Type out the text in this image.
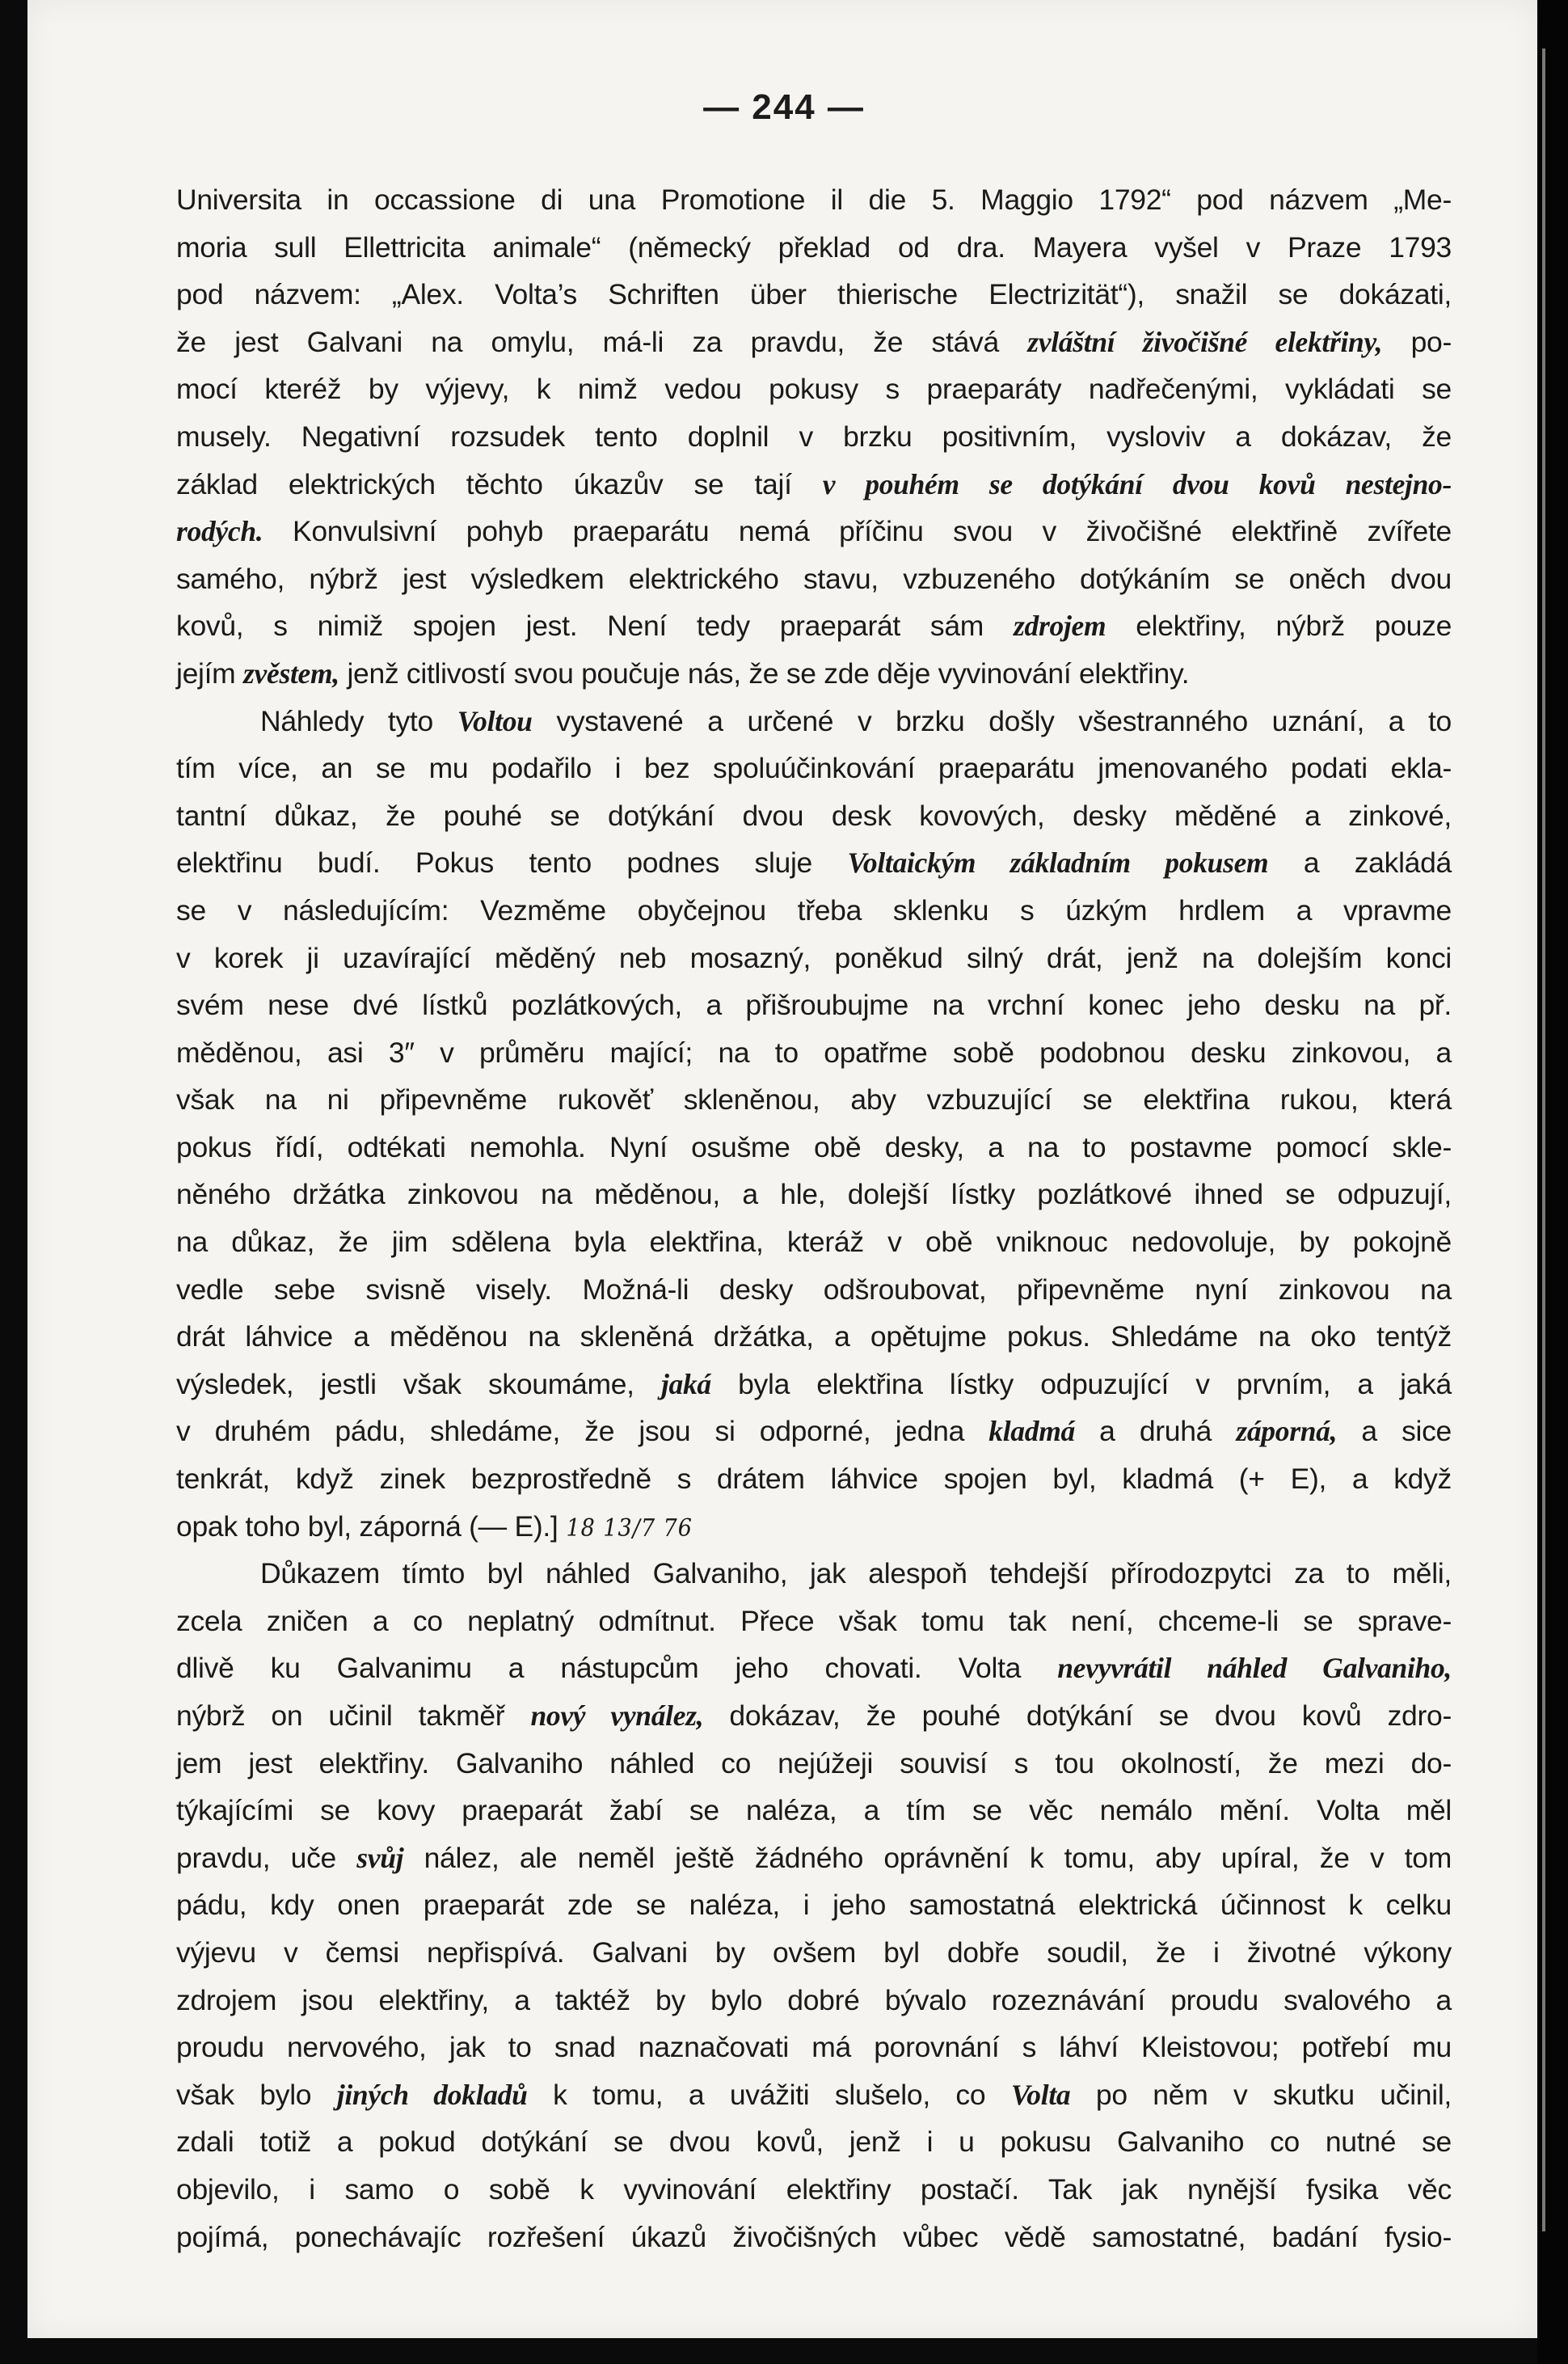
— 244 —
Universita in occassione di una Promotione il die 5. Maggio 1792“ pod názvem „Me-
moria sull Ellettricita animale“ (německý překlad od dra. Mayera vyšel v Praze 1793
pod názvem: „Alex. Volta’s Schriften über thierische Electrizität“), snažil se dokázati,
že jest Galvani na omylu, má-li za pravdu, že stává zvláštní živočišné elektřiny, po-
mocí kteréž by výjevy, k nimž vedou pokusy s praeparáty nadřečenými, vykládati se
musely. Negativní rozsudek tento doplnil v brzku positivním, vysloviv a dokázav, že
základ elektrických těchto úkazův se tají v pouhém se dotýkání dvou kovů nestejno-
rodých. Konvulsivní pohyb praeparátu nemá příčinu svou v živočišné elektřině zvířete
samého, nýbrž jest výsledkem elektrického stavu, vzbuzeného dotýkáním se oněch dvou
kovů, s nimiž spojen jest. Není tedy praeparát sám zdrojem elektřiny, nýbrž pouze
jejím zvěstem, jenž citlivostí svou poučuje nás, že se zde děje vyvinování elektřiny.
Náhledy tyto Voltou vystavené a určené v brzku došly všestranného uznání, a to
tím více, an se mu podařilo i bez spoluúčinkování praeparátu jmenovaného podati ekla-
tantní důkaz, že pouhé se dotýkání dvou desk kovových, desky měděné a zinkové,
elektřinu budí. Pokus tento podnes sluje Voltaickým základním pokusem a zakládá
se v následujícím: Vezměme obyčejnou třeba sklenku s úzkým hrdlem a vpravme
v korek ji uzavírající měděný neb mosazný, poněkud silný drát, jenž na dolejším konci
svém nese dvé lístků pozlátkových, a přišroubujme na vrchní konec jeho desku na př.
měděnou, asi 3″ v průměru mající; na to opatřme sobě podobnou desku zinkovou, a
však na ni připevněme rukověť skleněnou, aby vzbuzující se elektřina rukou, která
pokus řídí, odtékati nemohla. Nyní osušme obě desky, a na to postavme pomocí skle-
něného držátka zinkovou na měděnou, a hle, dolejší lístky pozlátkové ihned se odpuzují,
na důkaz, že jim sdělena byla elektřina, kteráž v obě vniknouc nedovoluje, by pokojně
vedle sebe svisně visely. Možná-li desky odšroubovat, připevněme nyní zinkovou na
drát láhvice a měděnou na skleněná držátka, a opětujme pokus. Shledáme na oko tentýž
výsledek, jestli však skoumáme, jaká byla elektřina lístky odpuzující v prvním, a jaká
v druhém pádu, shledáme, že jsou si odporné, jedna kladmá a druhá záporná, a sice
tenkrát, když zinek bezprostředně s drátem láhvice spojen byl, kladmá (+ E), a když
opak toho byl, záporná (— E).] 18 13/7 76
Důkazem tímto byl náhled Galvaniho, jak alespoň tehdejší přírodozpytci za to měli,
zcela zničen a co neplatný odmítnut. Přece však tomu tak není, chceme-li se sprave-
dlivě ku Galvanimu a nástupcům jeho chovati. Volta nevyvrátil náhled Galvaniho,
nýbrž on učinil takměř nový vynález, dokázav, že pouhé dotýkání se dvou kovů zdro-
jem jest elektřiny. Galvaniho náhled co nejúžeji souvisí s tou okolností, že mezi do-
týkajícími se kovy praeparát žabí se naléza, a tím se věc nemálo mění. Volta měl
pravdu, uče svůj nález, ale neměl ještě žádného oprávnění k tomu, aby upíral, že v tom
pádu, kdy onen praeparát zde se naléza, i jeho samostatná elektrická účinnost k celku
výjevu v čemsi nepřispívá. Galvani by ovšem byl dobře soudil, že i životné výkony
zdrojem jsou elektřiny, a taktéž by bylo dobré bývalo rozeznávání proudu svalového a
proudu nervového, jak to snad naznačovati má porovnání s láhví Kleistovou; potřebí mu
však bylo jiných dokladů k tomu, a uvážiti slušelo, co Volta po něm v skutku učinil,
zdali totiž a pokud dotýkání se dvou kovů, jenž i u pokusu Galvaniho co nutné se
objevilo, i samo o sobě k vyvinování elektřiny postačí. Tak jak nynější fysika věc
pojímá, ponechávajíc rozřešení úkazů živočišných vůbec vědě samostatné, badání fysio-
